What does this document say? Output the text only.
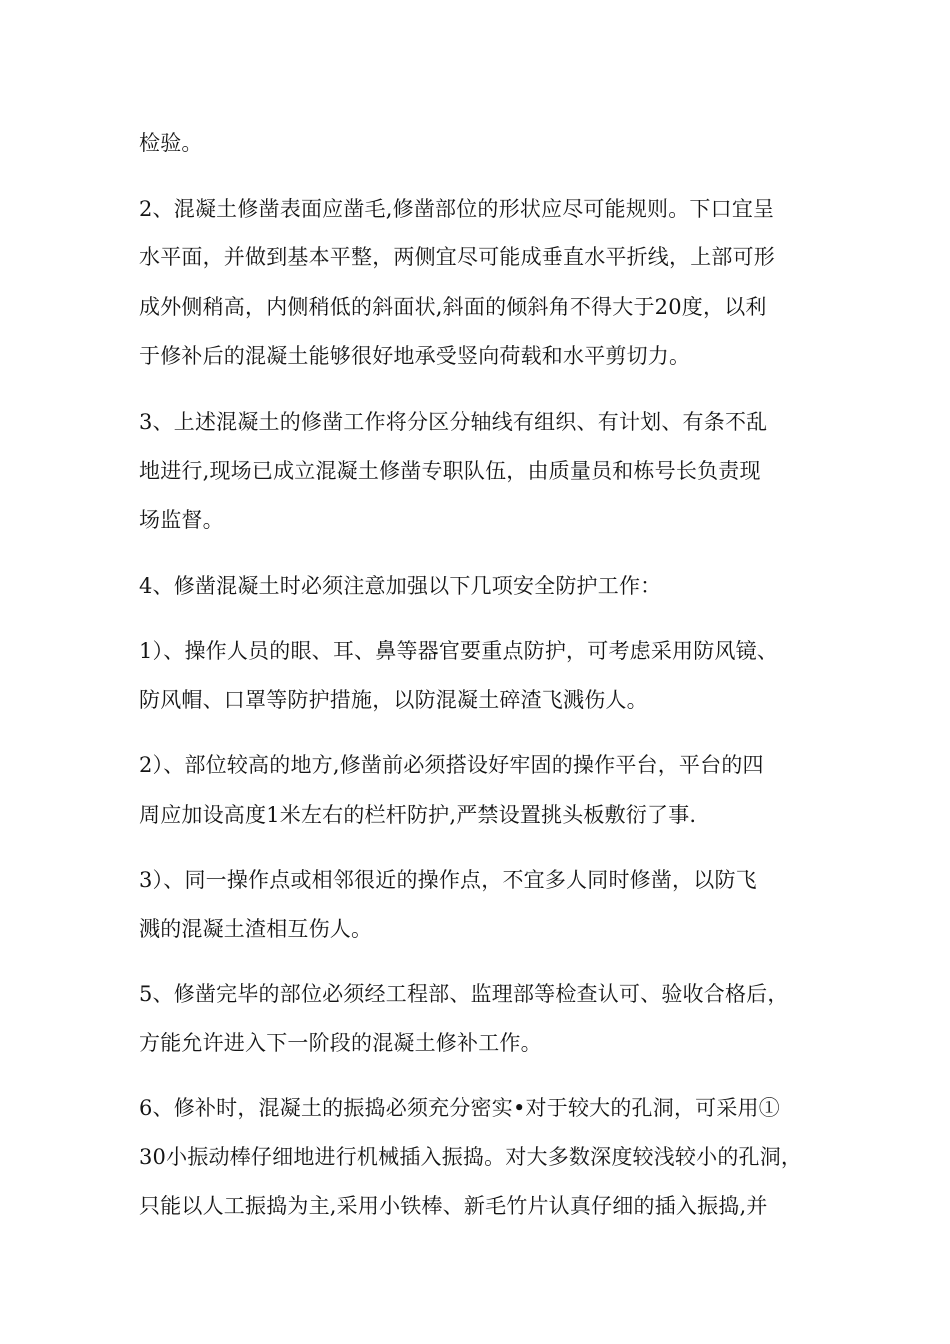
检验。
2、混凝土修凿表面应凿毛,修凿部位的形状应尽可能规则。下口宜呈
水平面，并做到基本平整，两侧宜尽可能成垂直水平折线，上部可形
成外侧稍高，内侧稍低的斜面状,斜面的倾斜角不得大于20度，以利
于修补后的混凝土能够很好地承受竖向荷载和水平剪切力。
3、上述混凝土的修凿工作将分区分轴线有组织、有计划、有条不乱
地进行,现场已成立混凝土修凿专职队伍，由质量员和栋号长负责现
场监督。
4、修凿混凝土时必须注意加强以下几项安全防护工作：
1）、操作人员的眼、耳、鼻等器官要重点防护，可考虑采用防风镜、
防风帽、口罩等防护措施，以防混凝土碎渣飞溅伤人。
2）、部位较高的地方,修凿前必须搭设好牢固的操作平台，平台的四
周应加设高度1米左右的栏杆防护,严禁设置挑头板敷衍了事.
3）、同一操作点或相邻很近的操作点，不宜多人同时修凿，以防飞
溅的混凝土渣相互伤人。
5、修凿完毕的部位必须经工程部、监理部等检查认可、验收合格后，
方能允许进入下一阶段的混凝土修补工作。
6、修补时，混凝土的振捣必须充分密实•对于较大的孔洞，可采用①
30小振动棒仔细地进行机械插入振捣。对大多数深度较浅较小的孔洞，
只能以人工振捣为主,采用小铁棒、新毛竹片认真仔细的插入振捣,并
